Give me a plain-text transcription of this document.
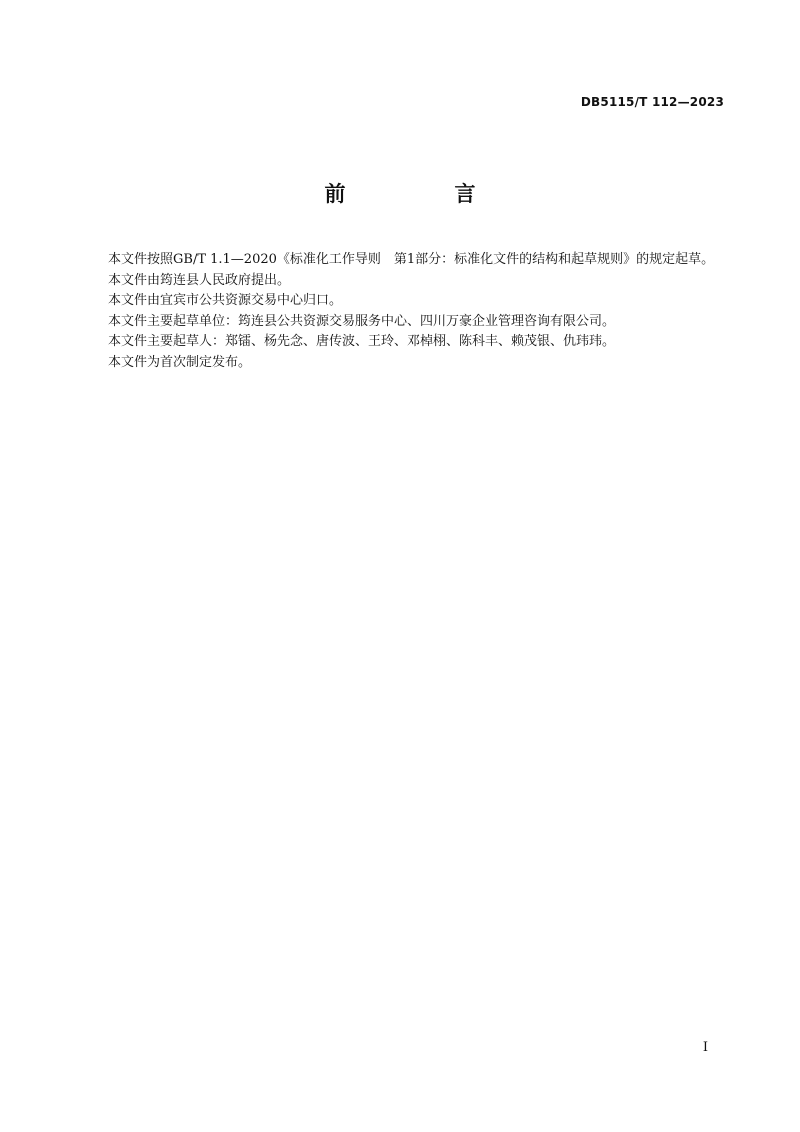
DB5115/T 112—2023
前　言

本文件按照GB/T 1.1—2020《标准化工作导则　第1部分：标准化文件的结构和起草规则》的规定起草。

本文件由筠连县人民政府提出。

本文件由宜宾市公共资源交易中心归口。

本文件主要起草单位：筠连县公共资源交易服务中心、四川万豪企业管理咨询有限公司。

本文件主要起草人：郑镭、杨先念、唐传波、王玲、邓棹栩、陈科丰、赖茂银、仇玮玮。

本文件为首次制定发布。

I
